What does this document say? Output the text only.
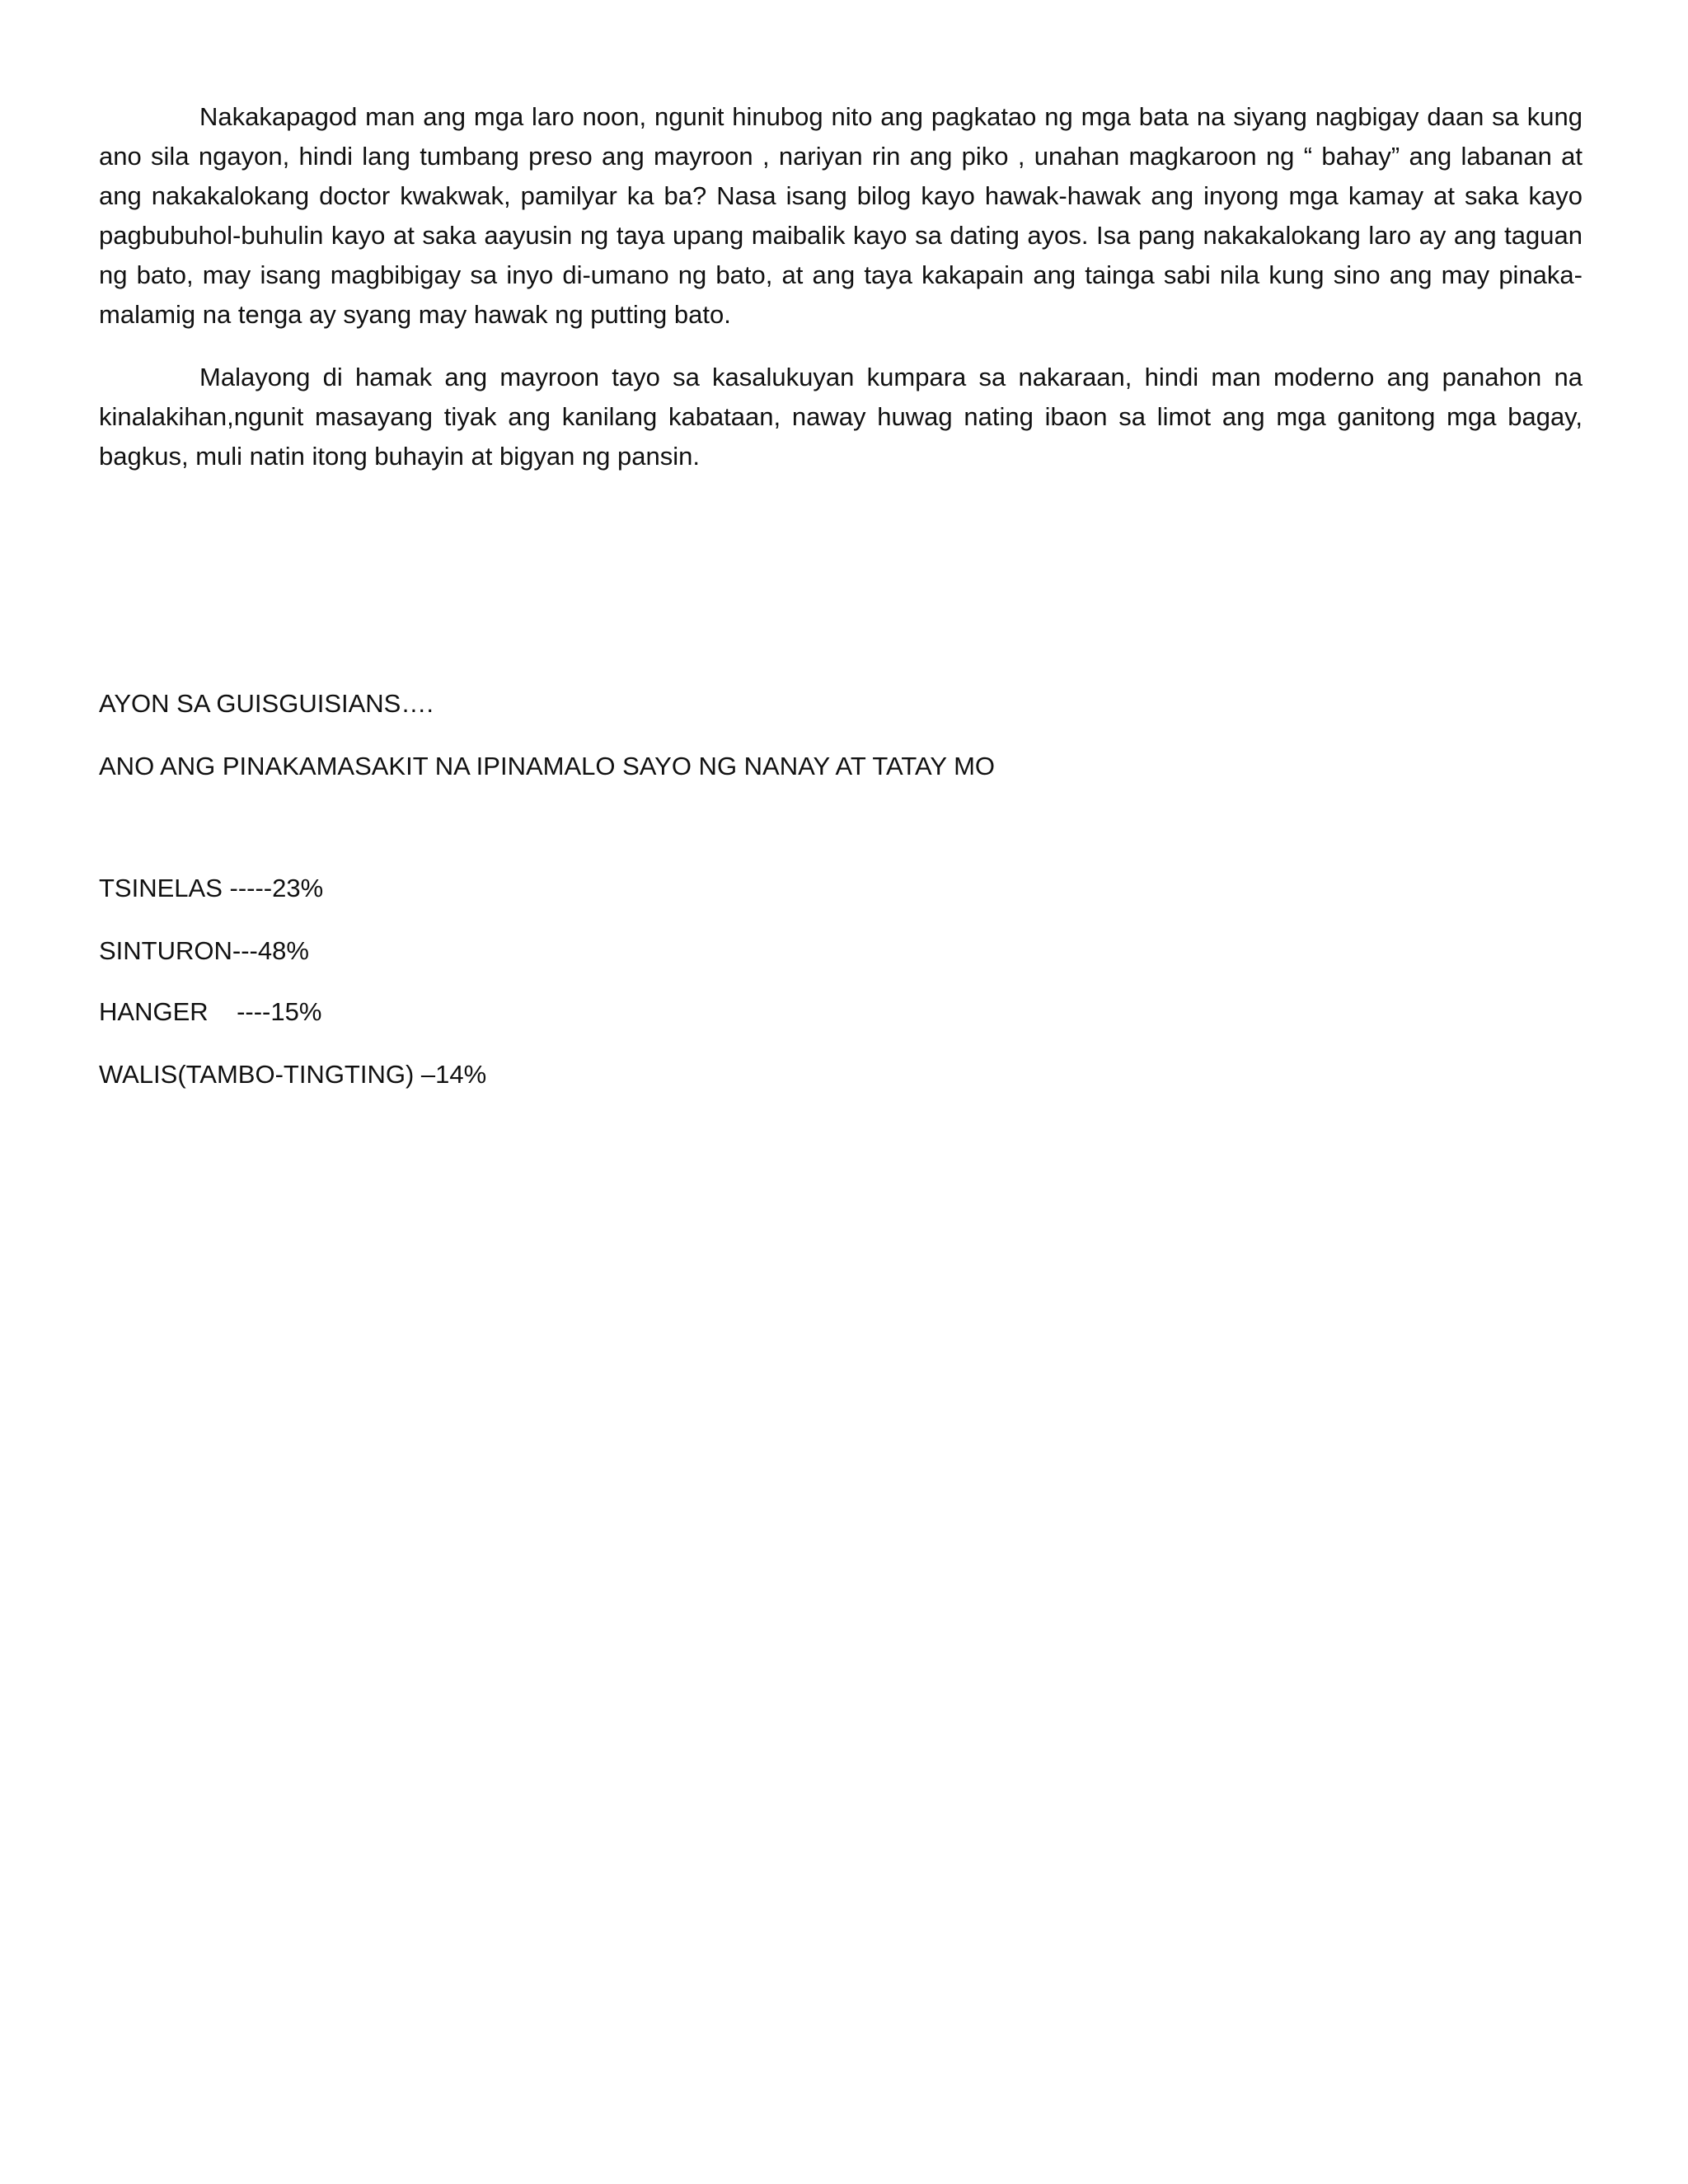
Nakakapagod man ang mga laro noon, ngunit hinubog nito ang pagkatao ng mga bata na siyang nagbigay daan sa kung ano sila ngayon, hindi lang tumbang preso ang mayroon , nariyan rin ang piko , unahan magkaroon ng “ bahay” ang labanan at ang nakakalokang doctor kwakwak, pamilyar ka ba? Nasa isang bilog kayo hawak-hawak ang inyong mga kamay at saka kayo pagbubuhol-buhulin kayo at saka aayusin ng taya upang maibalik kayo sa dating ayos. Isa pang nakakalokang laro ay ang taguan ng bato, may isang magbibigay sa inyo di-umano ng bato, at ang taya kakapain ang tainga sabi nila kung sino ang may pinaka-malamig na tenga ay syang may hawak ng putting bato.

Malayong di hamak ang mayroon tayo sa kasalukuyan kumpara sa nakaraan, hindi man moderno ang panahon na kinalakihan,ngunit masayang tiyak ang kanilang kabataan, naway huwag nating ibaon sa limot ang mga ganitong mga bagay, bagkus, muli natin itong buhayin at bigyan ng pansin.

AYON SA GUISGUISIANS….

ANO ANG PINAKAMASAKIT NA IPINAMALO SAYO NG NANAY AT TATAY MO

TSINELAS -----23%

SINTURON---48%

HANGER    ----15%

WALIS(TAMBO-TINGTING) –14%
